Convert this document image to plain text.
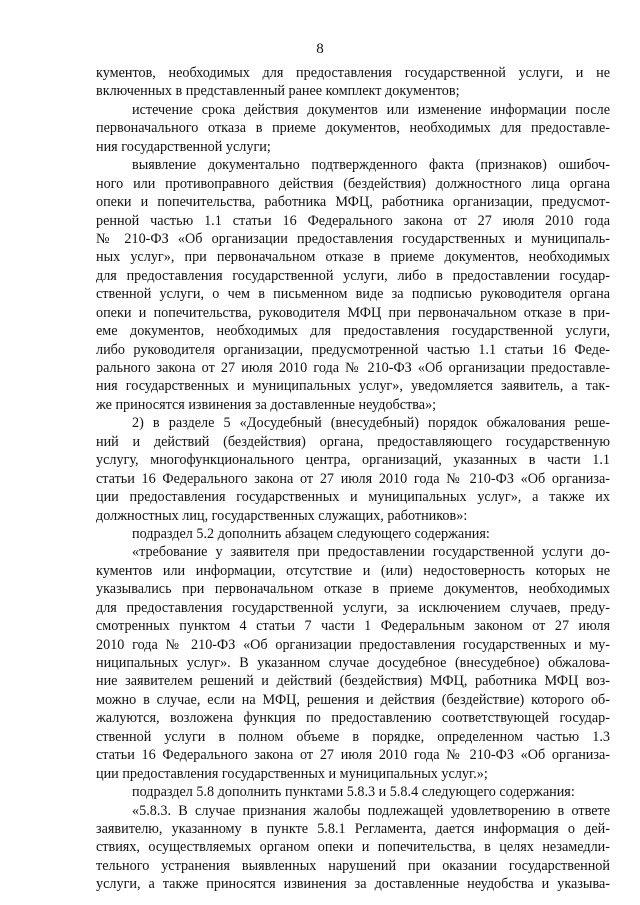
8
кументов, необходимых для предоставления государственной услуги, и не
включенных в представленный ранее комплект документов;
истечение срока действия документов или изменение информации после
первоначального отказа в приеме документов, необходимых для предоставле-
ния государственной услуги;
выявление документально подтвержденного факта (признаков) ошибоч-
ного или противоправного действия (бездействия) должностного лица органа
опеки и попечительства, работника МФЦ, работника организации, предусмот-
ренной частью 1.1 статьи 16 Федерального закона от 27 июля 2010 года
№ 210-ФЗ «Об организации предоставления государственных и муниципаль-
ных услуг», при первоначальном отказе в приеме документов, необходимых
для предоставления государственной услуги, либо в предоставлении государ-
ственной услуги, о чем в письменном виде за подписью руководителя органа
опеки и попечительства, руководителя МФЦ при первоначальном отказе в при-
еме документов, необходимых для предоставления государственной услуги,
либо руководителя организации, предусмотренной частью 1.1 статьи 16 Феде-
рального закона от 27 июля 2010 года № 210-ФЗ «Об организации предоставле-
ния государственных и муниципальных услуг», уведомляется заявитель, а так-
же приносятся извинения за доставленные неудобства»;
2) в разделе 5 «Досудебный (внесудебный) порядок обжалования реше-
ний и действий (бездействия) органа, предоставляющего государственную
услугу, многофункционального центра, организаций, указанных в части 1.1
статьи 16 Федерального закона от 27 июля 2010 года № 210-ФЗ «Об организа-
ции предоставления государственных и муниципальных услуг», а также их
должностных лиц, государственных служащих, работников»:
подраздел 5.2 дополнить абзацем следующего содержания:
«требование у заявителя при предоставлении государственной услуги до-
кументов или информации, отсутствие и (или) недостоверность которых не
указывались при первоначальном отказе в приеме документов, необходимых
для предоставления государственной услуги, за исключением случаев, преду-
смотренных пунктом 4 статьи 7 части 1 Федеральным законом от 27 июля
2010 года № 210-ФЗ «Об организации предоставления государственных и му-
ниципальных услуг». В указанном случае досудебное (внесудебное) обжалова-
ние заявителем решений и действий (бездействия) МФЦ, работника МФЦ воз-
можно в случае, если на МФЦ, решения и действия (бездействие) которого об-
жалуются, возложена функция по предоставлению соответствующей государ-
ственной услуги в полном объеме в порядке, определенном частью 1.3
статьи 16 Федерального закона от 27 июля 2010 года № 210-ФЗ «Об организа-
ции предоставления государственных и муниципальных услуг.»;
подраздел 5.8 дополнить пунктами 5.8.3 и 5.8.4 следующего содержания:
«5.8.3. В случае признания жалобы подлежащей удовлетворению в ответе
заявителю, указанному в пункте 5.8.1 Регламента, дается информация о дей-
ствиях, осуществляемых органом опеки и попечительства, в целях незамедли-
тельного устранения выявленных нарушений при оказании государственной
услуги, а также приносятся извинения за доставленные неудобства и указыва-
